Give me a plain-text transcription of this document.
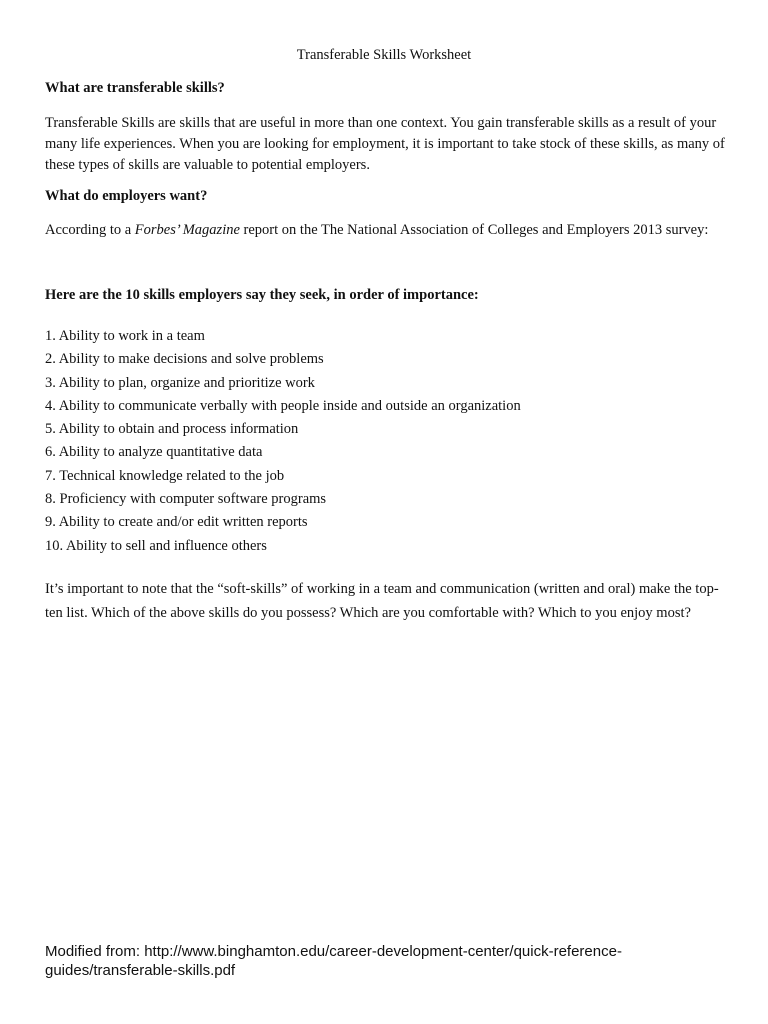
Transferable Skills Worksheet
What are transferable skills?
Transferable Skills are skills that are useful in more than one context. You gain transferable skills as a result of your many life experiences. When you are looking for employment, it is important to take stock of these skills, as many of these types of skills are valuable to potential employers.
What do employers want?
According to a Forbes’ Magazine report on the The National Association of Colleges and Employers 2013 survey:
Here are the 10 skills employers say they seek, in order of importance:
1. Ability to work in a team
2. Ability to make decisions and solve problems
3. Ability to plan, organize and prioritize work
4. Ability to communicate verbally with people inside and outside an organization
5. Ability to obtain and process information
6. Ability to analyze quantitative data
7. Technical knowledge related to the job
8. Proficiency with computer software programs
9. Ability to create and/or edit written reports
10. Ability to sell and influence others
It’s important to note that the “soft-skills” of working in a team and communication (written and oral) make the top-ten list. Which of the above skills do you possess? Which are you comfortable with? Which to you enjoy most?
Modified from: http://www.binghamton.edu/career-development-center/quick-reference-guides/transferable-skills.pdf
